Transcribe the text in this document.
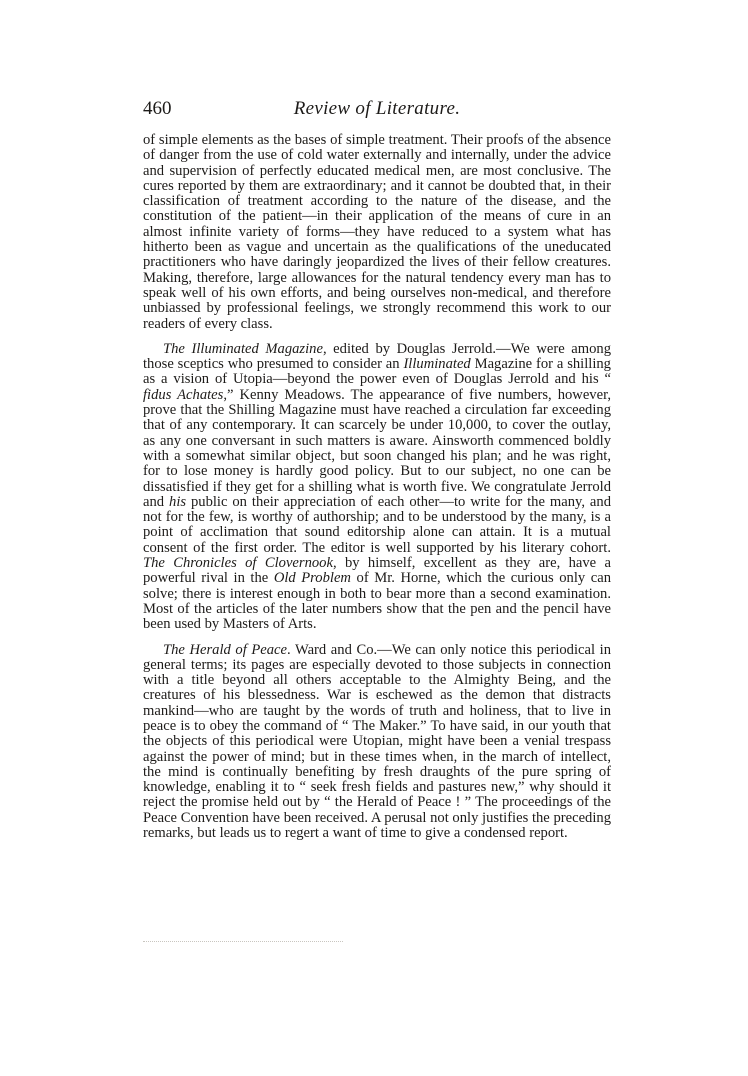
460	Review of Literature.

of simple elements as the bases of simple treatment. Their proofs of the absence of danger from the use of cold water externally and internally, under the advice and supervision of perfectly educated medical men, are most conclusive. The cures reported by them are extraordinary; and it cannot be doubted that, in their classification of treatment according to the nature of the disease, and the constitution of the patient—in their application of the means of cure in an almost infinite variety of forms—they have reduced to a system what has hitherto been as vague and uncertain as the qualifications of the uneducated practitioners who have daringly jeopardized the lives of their fellow creatures. Making, therefore, large allowances for the natural tendency every man has to speak well of his own efforts, and being ourselves non-medical, and therefore unbiassed by professional feelings, we strongly recommend this work to our readers of every class.

The Illuminated Magazine, edited by Douglas Jerrold.—We were among those sceptics who presumed to consider an Illuminated Magazine for a shilling as a vision of Utopia—beyond the power even of Douglas Jerrold and his “ fidus Achates,” Kenny Meadows. The appearance of five numbers, however, prove that the Shilling Magazine must have reached a circulation far exceeding that of any contemporary. It can scarcely be under 10,000, to cover the outlay, as any one conversant in such matters is aware. Ainsworth commenced boldly with a somewhat similar object, but soon changed his plan; and he was right, for to lose money is hardly good policy. But to our subject, no one can be dissatisfied if they get for a shilling what is worth five. We congratulate Jerrold and his public on their appreciation of each other—to write for the many, and not for the few, is worthy of authorship; and to be understood by the many, is a point of acclimation that sound editorship alone can attain. It is a mutual consent of the first order. The editor is well supported by his literary cohort. The Chronicles of Clovernook, by himself, excellent as they are, have a powerful rival in the Old Problem of Mr. Horne, which the curious only can solve; there is interest enough in both to bear more than a second examination. Most of the articles of the later numbers show that the pen and the pencil have been used by Masters of Arts.

The Herald of Peace. Ward and Co.—We can only notice this periodical in general terms; its pages are especially devoted to those subjects in connection with a title beyond all others acceptable to the Almighty Being, and the creatures of his blessedness. War is eschewed as the demon that distracts mankind—who are taught by the words of truth and holiness, that to live in peace is to obey the command of “ The Maker.” To have said, in our youth that the objects of this periodical were Utopian, might have been a venial trespass against the power of mind; but in these times when, in the march of intellect, the mind is continually benefiting by fresh draughts of the pure spring of knowledge, enabling it to “ seek fresh fields and pastures new,” why should it reject the promise held out by “ the Herald of Peace ! ” The proceedings of the Peace Convention have been received. A perusal not only justifies the preceding remarks, but leads us to regert a want of time to give a condensed report.
